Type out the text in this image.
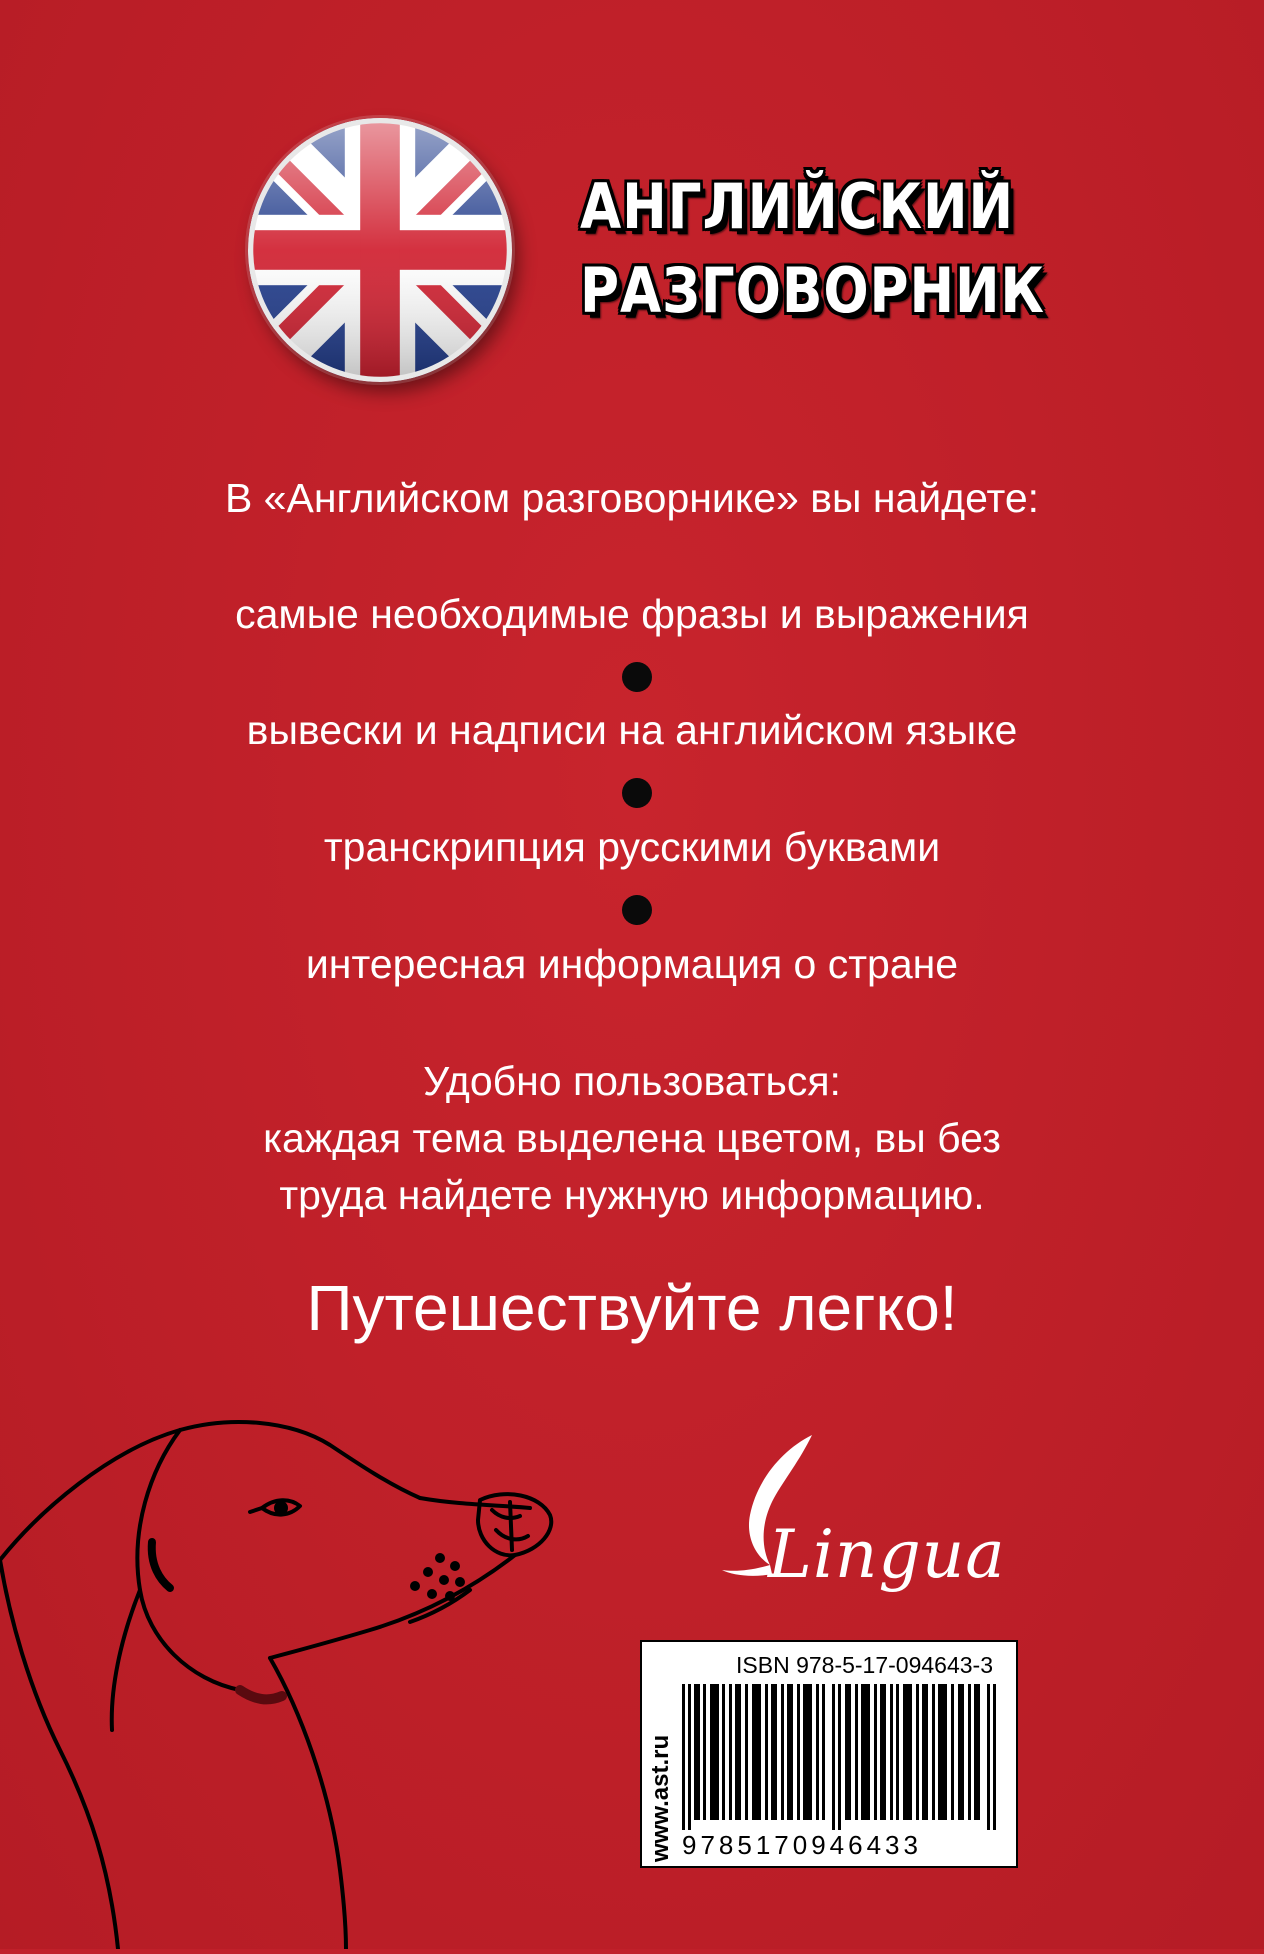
АНГЛИЙСКИЙ
РАЗГОВОРНИК
В «Английском разговорнике» вы найдете:
самые необходимые фразы и выражения
вывески и надписи на английском языке
транскрипция русскими буквами
интересная информация о стране
Удобно пользоваться:
каждая тема выделена цветом, вы без
труда найдете нужную информацию.
Путешествуйте легко!
Lingua
www.ast.ru
ISBN 978-5-17-094643-3
9785170946433
